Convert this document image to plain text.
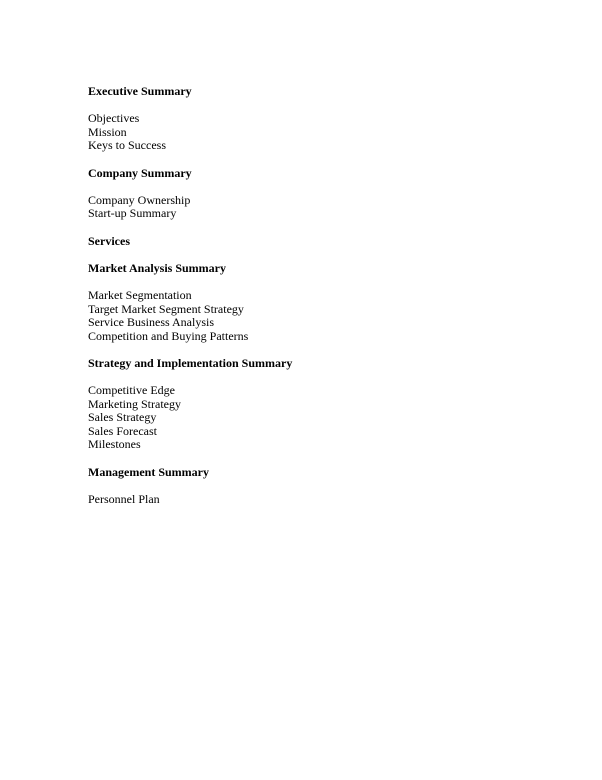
Executive Summary
Objectives
Mission
Keys to Success
Company Summary
Company Ownership
Start-up Summary
Services
Market Analysis Summary
Market Segmentation
Target Market Segment Strategy
Service Business Analysis
Competition and Buying Patterns
Strategy and Implementation Summary
Competitive Edge
Marketing Strategy
Sales Strategy
Sales Forecast
Milestones
Management Summary
Personnel Plan
